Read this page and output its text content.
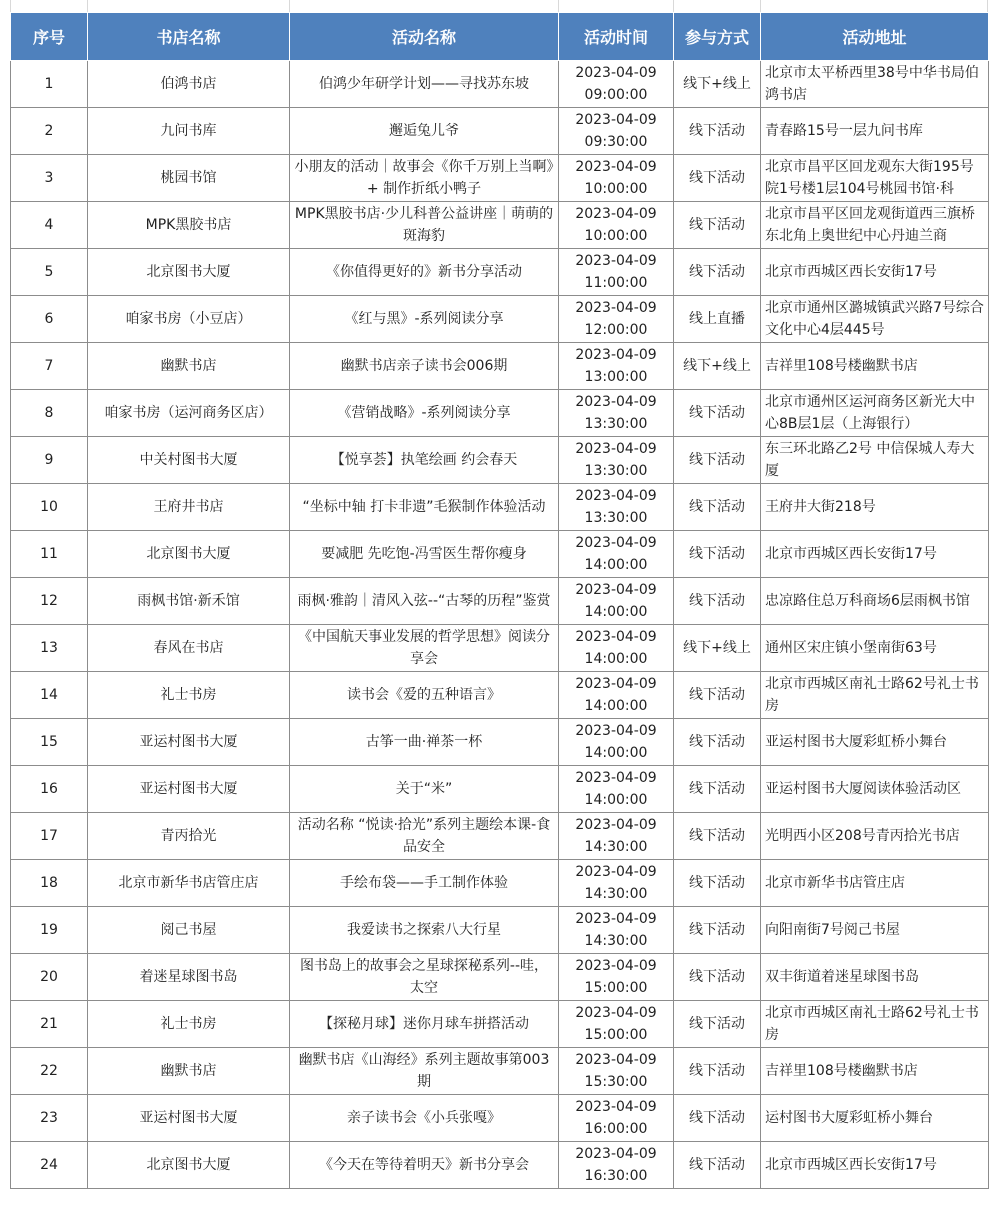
序号	书店名称	活动名称	活动时间	参与方式	活动地址
1	伯鸿书店	伯鸿少年研学计划——寻找苏东坡	2023-04-09
09:00:00	线下+线上	北京市太平桥西里38号中华书局伯鸿书店
2	九问书库	邂逅兔儿爷	2023-04-09
09:30:00	线下活动	青春路15号一层九问书库
3	桃园书馆	小朋友的活动｜故事会《你千万别上当啊》+ 制作折纸小鸭子	2023-04-09
10:00:00	线下活动	北京市昌平区回龙观东大街195号院1号楼1层104号桃园书馆·科
4	MPK黑胶书店	MPK黑胶书店·少儿科普公益讲座｜萌萌的斑海豹	2023-04-09
10:00:00	线下活动	北京市昌平区回龙观街道西三旗桥东北角上奥世纪中心丹迪兰商
5	北京图书大厦	《你值得更好的》新书分享活动	2023-04-09
11:00:00	线下活动	北京市西城区西长安街17号
6	咱家书房（小豆店）	《红与黑》-系列阅读分享	2023-04-09
12:00:00	线上直播	北京市通州区潞城镇武兴路7号综合文化中心4层445号
7	幽默书店	幽默书店亲子读书会006期	2023-04-09
13:00:00	线下+线上	吉祥里108号楼幽默书店
8	咱家书房（运河商务区店）	《营销战略》-系列阅读分享	2023-04-09
13:30:00	线下活动	北京市通州区运河商务区新光大中心8B层1层（上海银行）
9	中关村图书大厦	【悦享荟】执笔绘画 约会春天	2023-04-09
13:30:00	线下活动	东三环北路乙2号 中信保城人寿大厦
10	王府井书店	“坐标中轴 打卡非遗”毛猴制作体验活动	2023-04-09
13:30:00	线下活动	王府井大街218号
11	北京图书大厦	要减肥 先吃饱-冯雪医生帮你瘦身	2023-04-09
14:00:00	线下活动	北京市西城区西长安街17号
12	雨枫书馆·新禾馆	雨枫·雅韵｜清风入弦--“古琴的历程”鉴赏	2023-04-09
14:00:00	线下活动	忠凉路住总万科商场6层雨枫书馆
13	春风在书店	《中国航天事业发展的哲学思想》阅读分享会	2023-04-09
14:00:00	线下+线上	通州区宋庄镇小堡南街63号
14	礼士书房	读书会《爱的五种语言》	2023-04-09
14:00:00	线下活动	北京市西城区南礼士路62号礼士书房
15	亚运村图书大厦	古筝一曲·禅茶一杯	2023-04-09
14:00:00	线下活动	亚运村图书大厦彩虹桥小舞台
16	亚运村图书大厦	关于“米”	2023-04-09
14:00:00	线下活动	亚运村图书大厦阅读体验活动区
17	青丙拾光	活动名称 “悦读·拾光”系列主题绘本课-食品安全	2023-04-09
14:30:00	线下活动	光明西小区208号青丙拾光书店
18	北京市新华书店管庄店	手绘布袋——手工制作体验	2023-04-09
14:30:00	线下活动	北京市新华书店管庄店
19	阅己书屋	我爱读书之探索八大行星	2023-04-09
14:30:00	线下活动	向阳南街7号阅己书屋
20	着迷星球图书岛	图书岛上的故事会之星球探秘系列--哇，太空	2023-04-09
15:00:00	线下活动	双丰街道着迷星球图书岛
21	礼士书房	【探秘月球】迷你月球车拼搭活动	2023-04-09
15:00:00	线下活动	北京市西城区南礼士路62号礼士书房
22	幽默书店	幽默书店《山海经》系列主题故事第003期	2023-04-09
15:30:00	线下活动	吉祥里108号楼幽默书店
23	亚运村图书大厦	亲子读书会《小兵张嘎》	2023-04-09
16:00:00	线下活动	运村图书大厦彩虹桥小舞台
24	北京图书大厦	《今天在等待着明天》新书分享会	2023-04-09
16:30:00	线下活动	北京市西城区西长安街17号
